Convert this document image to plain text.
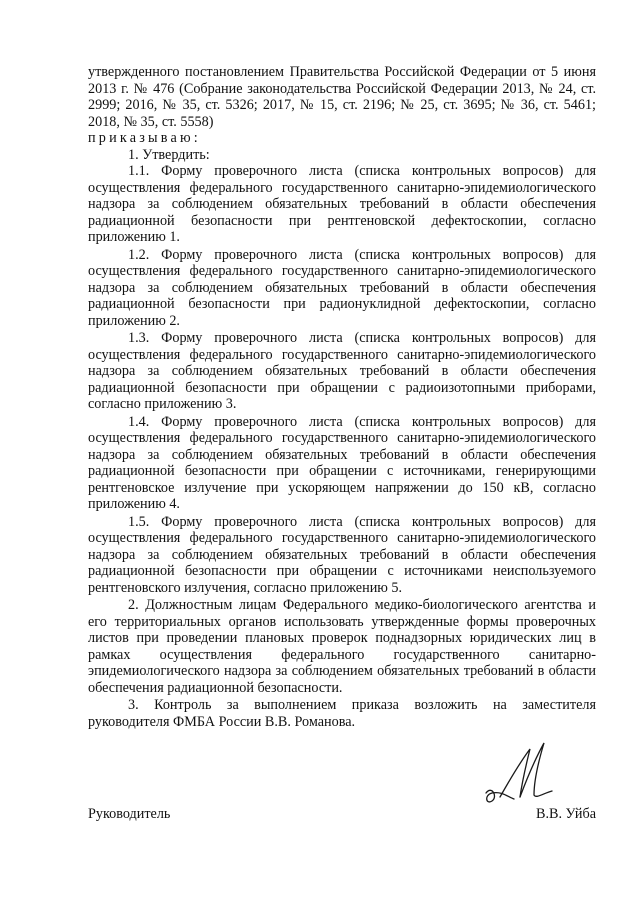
утвержденного постановлением Правительства Российской Федерации от 5 июня 2013 г. № 476 (Собрание законодательства Российской Федерации 2013, № 24, ст. 2999; 2016, № 35, ст. 5326; 2017, № 15, ст. 2196; № 25, ст. 3695; № 36, ст. 5461; 2018, № 35, ст. 5558)

приказываю:

1. Утвердить:

1.1. Форму проверочного листа (списка контрольных вопросов) для осуществления федерального государственного санитарно-эпидемиологического надзора за соблюдением обязательных требований в области обеспечения радиационной безопасности при рентгеновской дефектоскопии, согласно приложению 1.

1.2. Форму проверочного листа (списка контрольных вопросов) для осуществления федерального государственного санитарно-эпидемиологического надзора за соблюдением обязательных требований в области обеспечения радиационной безопасности при радионуклидной дефектоскопии, согласно приложению 2.

1.3. Форму проверочного листа (списка контрольных вопросов) для осуществления федерального государственного санитарно-эпидемиологического надзора за соблюдением обязательных требований в области обеспечения радиационной безопасности при обращении с радиоизотопными приборами, согласно приложению 3.

1.4. Форму проверочного листа (списка контрольных вопросов) для осуществления федерального государственного санитарно-эпидемиологического надзора за соблюдением обязательных требований в области обеспечения радиационной безопасности при обращении с источниками, генерирующими рентгеновское излучение при ускоряющем напряжении до 150 кВ, согласно приложению 4.

1.5. Форму проверочного листа (списка контрольных вопросов) для осуществления федерального государственного санитарно-эпидемиологического надзора за соблюдением обязательных требований в области обеспечения радиационной безопасности при обращении с источниками неиспользуемого рентгеновского излучения, согласно приложению 5.

2. Должностным лицам Федерального медико-биологического агентства и его территориальных органов использовать утвержденные формы проверочных листов при проведении плановых проверок поднадзорных юридических лиц в рамках осуществления федерального государственного санитарно-эпидемиологического надзора за соблюдением обязательных требований в области обеспечения радиационной безопасности.

3. Контроль за выполнением приказа возложить на заместителя руководителя ФМБА России В.В. Романова.

Руководитель	В.В. Уйба
